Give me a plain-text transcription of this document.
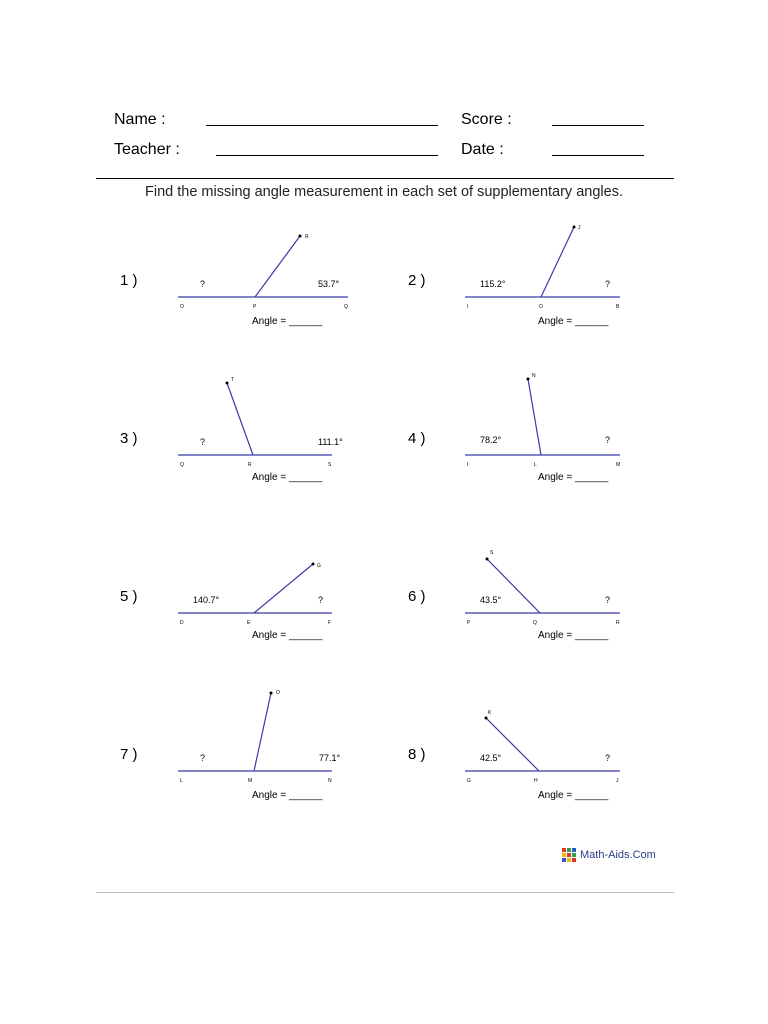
Name :	Score :
Teacher :	Date :
Find the missing angle measurement in each set of supplementary angles.
1 )
O	P	Q
R
?	53.7°
Angle = ______
2 )
I	O	B
J
115.2°	?
Angle = ______
3 )
Q	R	S
T
?	111.1°
Angle = ______
4 )
I	L	M
N
78.2°	?
Angle = ______
5 )
D	E	F
G
140.7°	?
Angle = ______
6 )
P	Q	R
S
43.5°	?
Angle = ______
7 )
L	M	N
O
?	77.1°
Angle = ______
8 )
G	H	J
K
42.5°	?
Angle = ______
Math-Aids.Com
